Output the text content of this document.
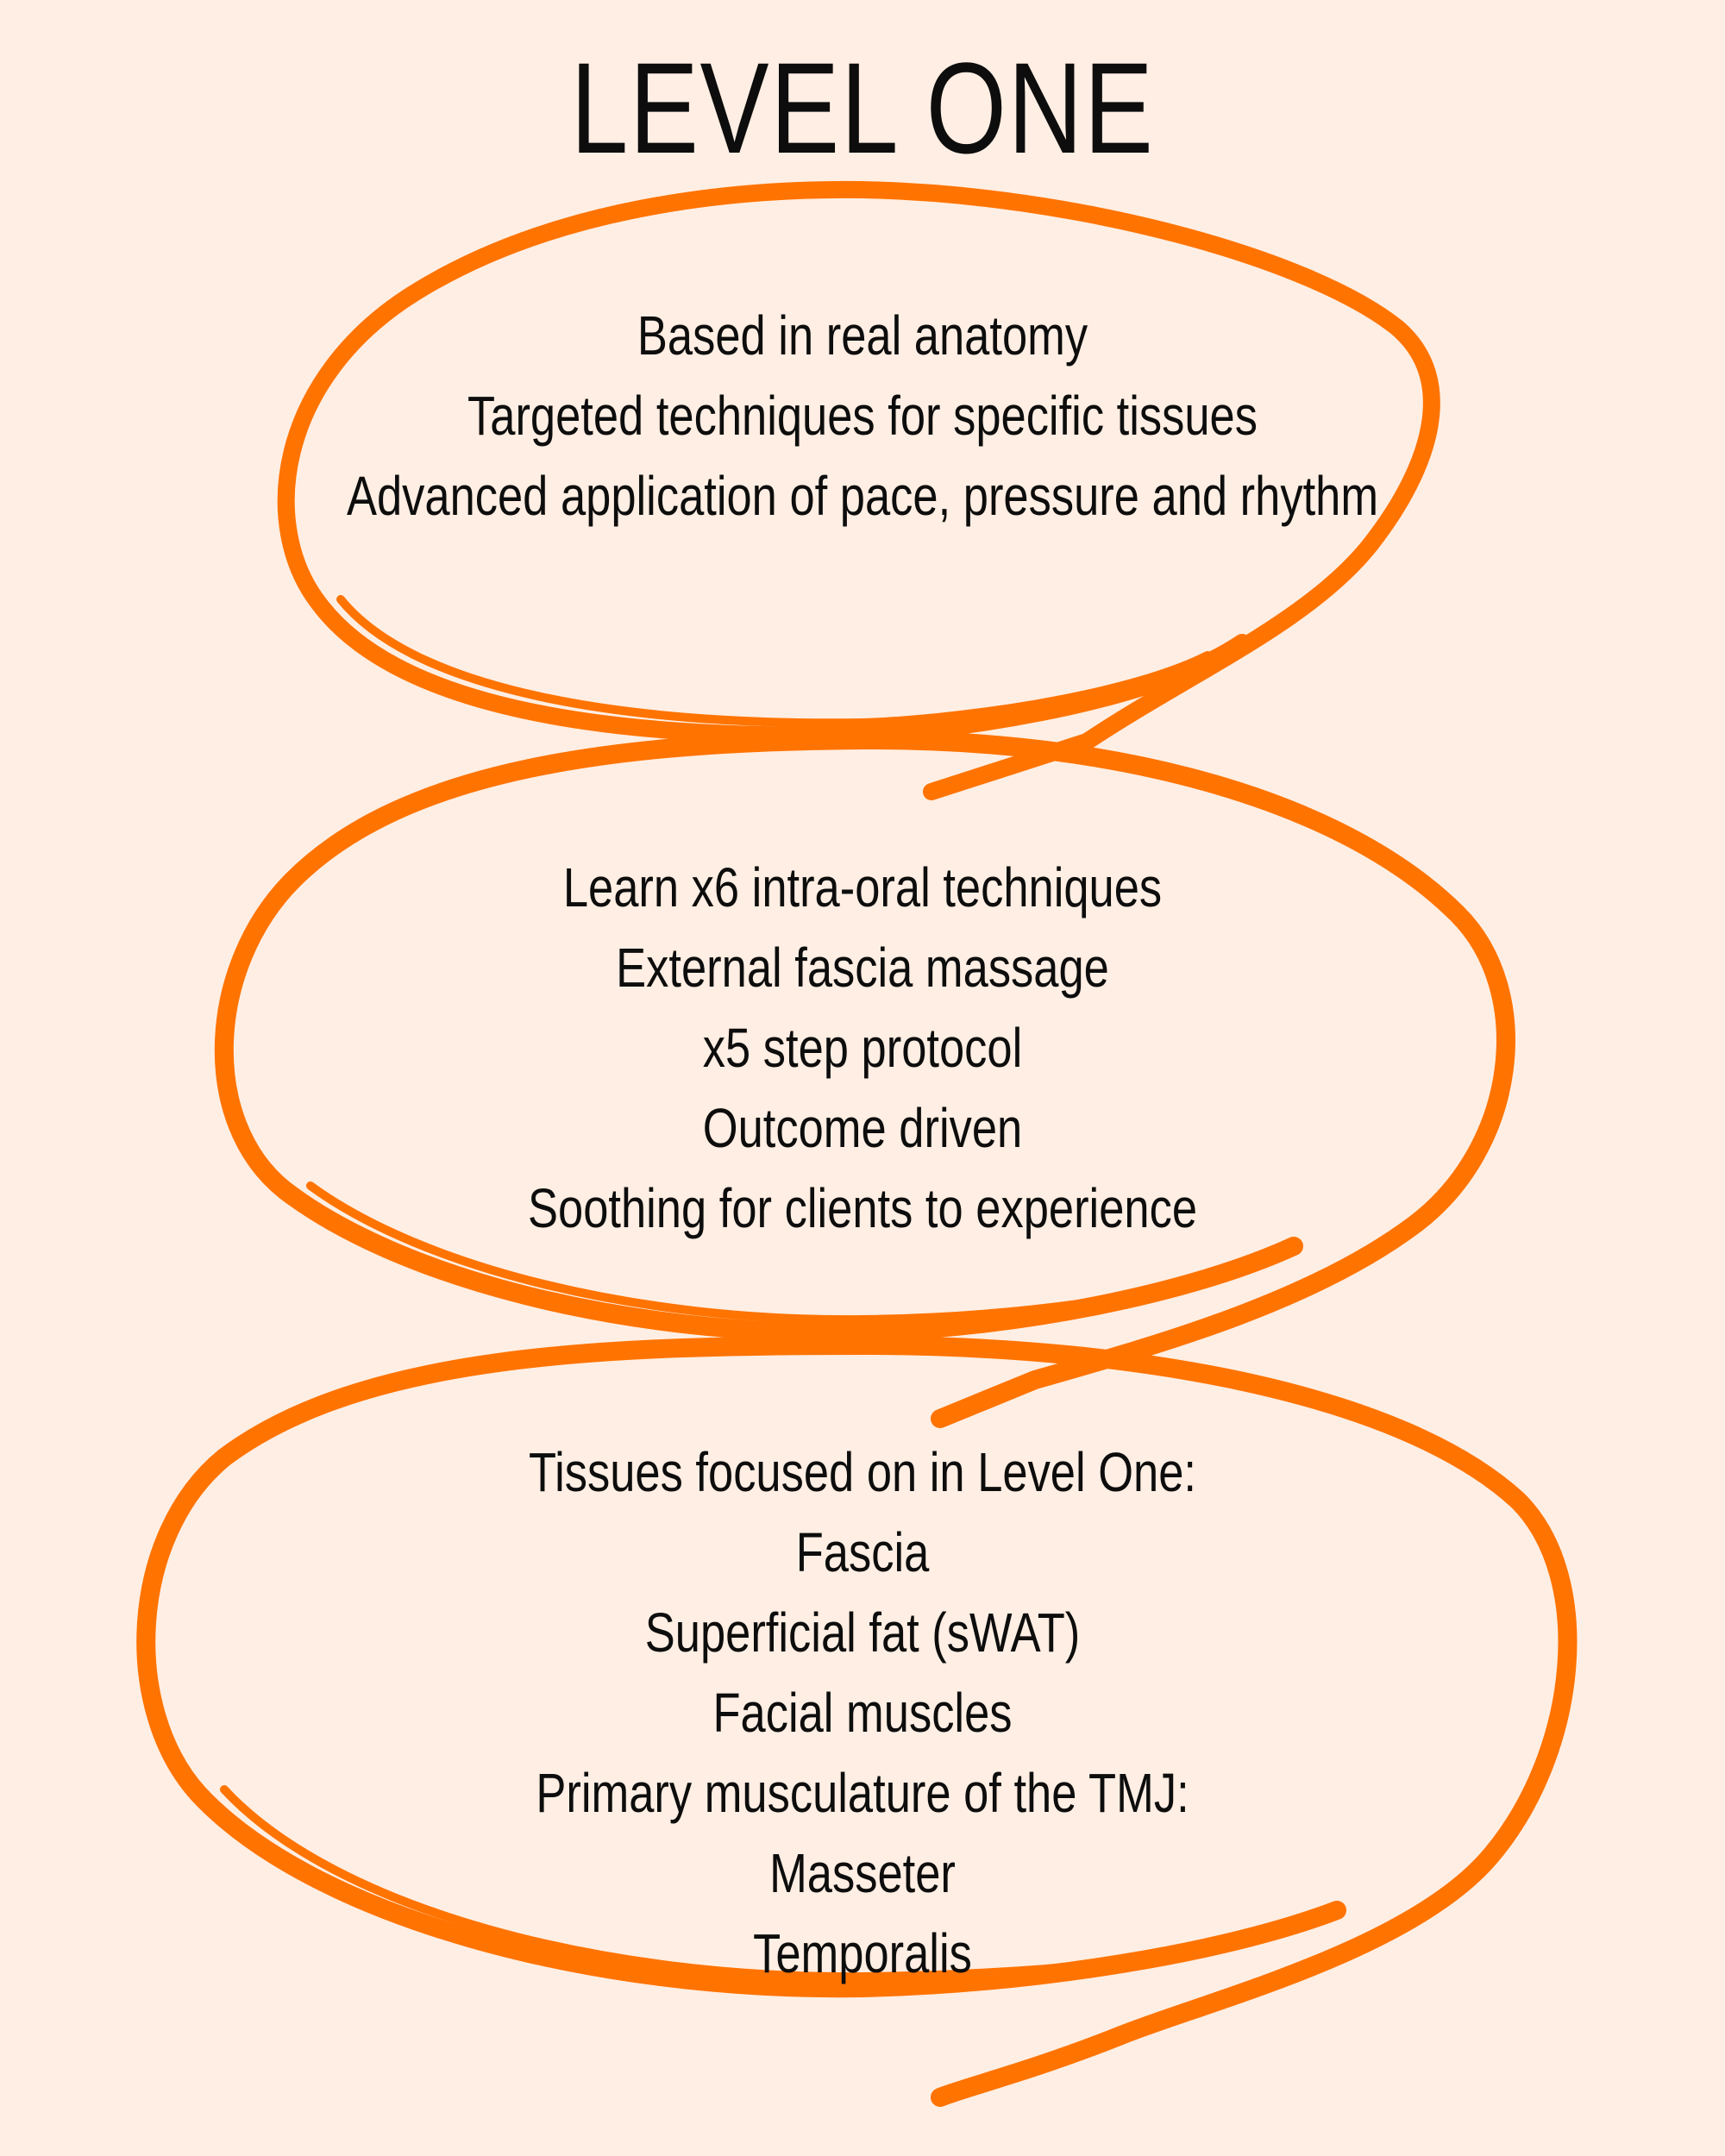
LEVEL ONE
Based in real anatomy
Targeted techniques for specific tissues
Advanced application of pace, pressure and rhythm
Learn x6 intra-oral techniques
External fascia massage
x5 step protocol
Outcome driven
Soothing for clients to experience
Tissues focused on in Level One:
Fascia
Superficial fat (sWAT)
Facial muscles
Primary musculature of the TMJ:
Masseter
Temporalis
